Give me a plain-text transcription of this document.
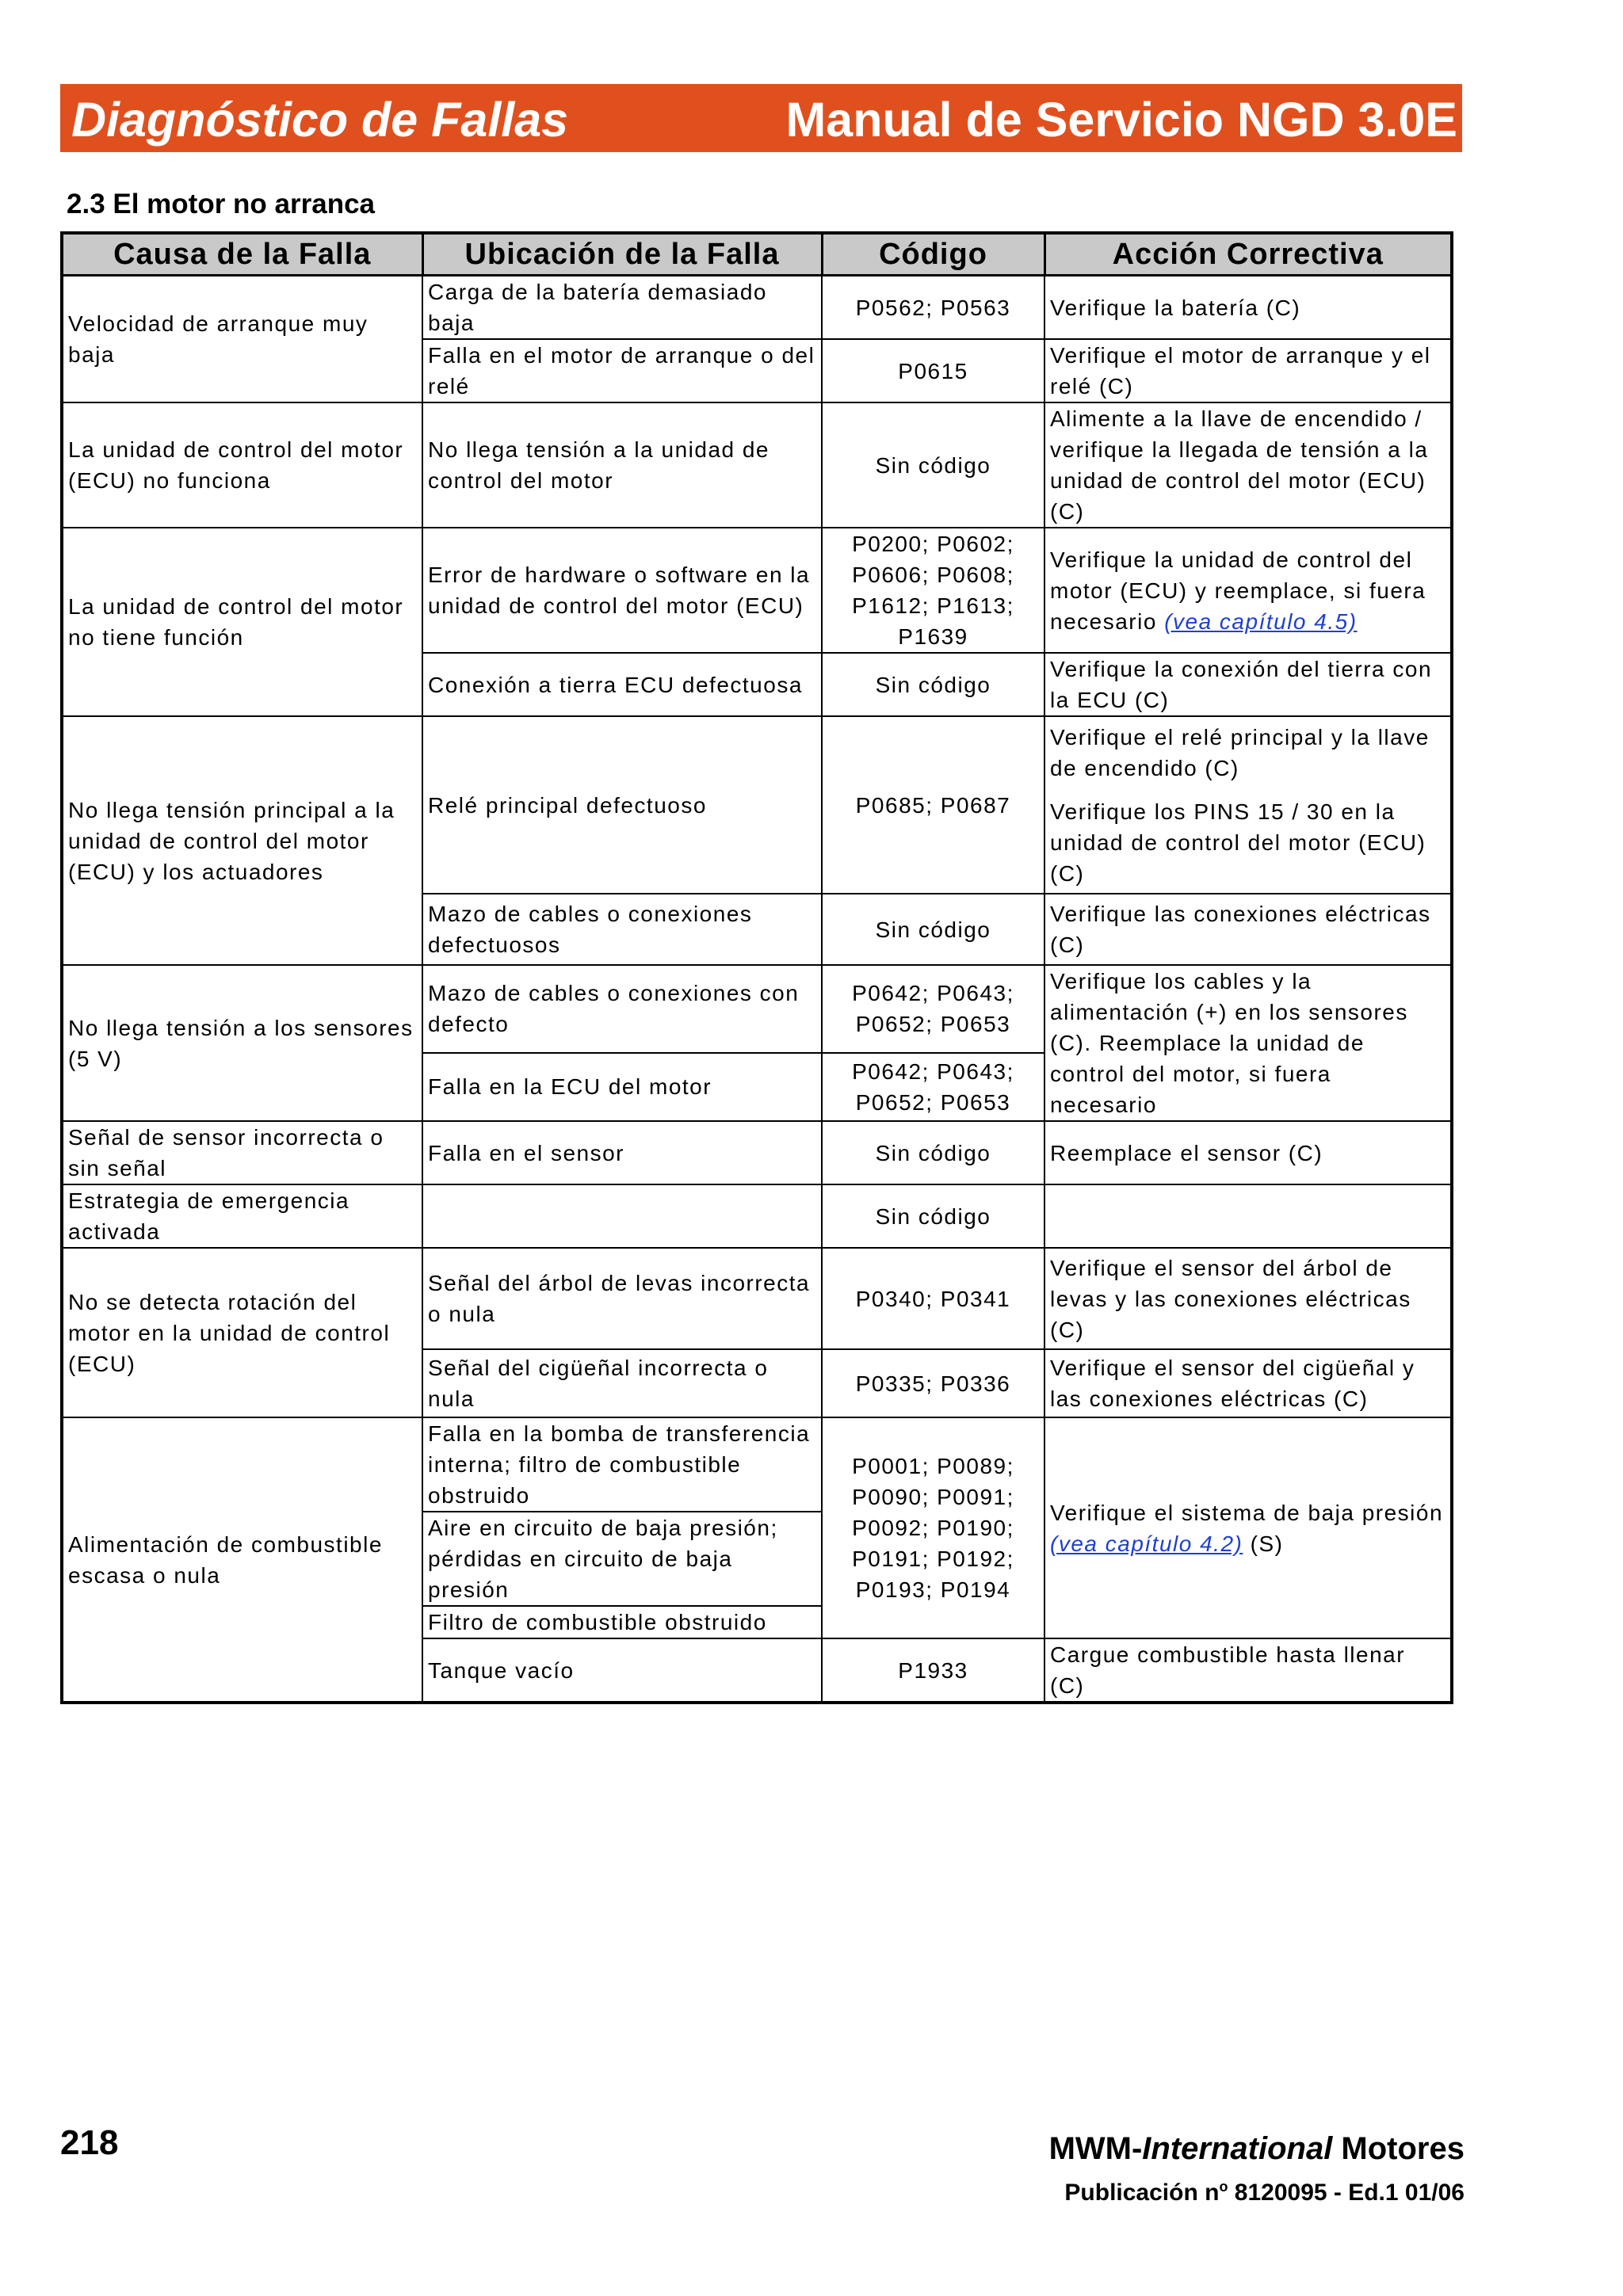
Diagnóstico de Fallas	Manual de Servicio NGD 3.0E
2.3 El motor no arranca
Causa de la Falla	Ubicación de la Falla	Código	Acción Correctiva
Velocidad de arranque muy baja	Carga de la batería demasiado baja	P0562; P0563	Verifique la batería (C)
	Falla en el motor de arranque o del relé	P0615	Verifique el motor de arranque y el relé (C)
La unidad de control del motor (ECU) no funciona	No llega tensión a la unidad de control del motor	Sin código	Alimente a la llave de encendido / verifique la llegada de tensión a la unidad de control del motor (ECU) (C)
La unidad de control del motor no tiene función	Error de hardware o software en la unidad de control del motor (ECU)	P0200; P0602; P0606; P0608; P1612; P1613; P1639	Verifique la unidad de control del motor (ECU) y reemplace, si fuera necesario (vea capítulo 4.5)
	Conexión a tierra ECU defectuosa	Sin código	Verifique la conexión del tierra con la ECU (C)
No llega tensión principal a la unidad de control del motor (ECU) y los actuadores	Relé principal defectuoso	P0685; P0687	Verifique el relé principal y la llave de encendido (C)
Verifique los PINS 15 / 30 en la unidad de control del motor (ECU) (C)

	Mazo de cables o conexiones defectuosos	Sin código	Verifique las conexiones eléctricas (C)
No llega tensión a los sensores (5 V)	Mazo de cables o conexiones con defecto	P0642; P0643; P0652; P0653	Verifique los cables y la alimentación (+) en los sensores (C). Reemplace la unidad de control del motor, si fuera necesario
	Falla en la ECU del motor	P0642; P0643; P0652; P0653	
Señal de sensor incorrecta o sin señal	Falla en el sensor	Sin código	Reemplace el sensor (C)
Estrategia de emergencia activada		Sin código	
No se detecta rotación del motor en la unidad de control (ECU)	Señal del árbol de levas incorrecta o nula	P0340; P0341	Verifique el sensor del árbol de levas y las conexiones eléctricas (C)
	Señal del cigüeñal incorrecta o nula	P0335; P0336	Verifique el sensor del cigüeñal y las conexiones eléctricas (C)
Alimentación de combustible escasa o nula	Falla en la bomba de transferencia interna; filtro de combustible obstruido	P0001; P0089; P0090; P0091; P0092; P0190; P0191; P0192; P0193; P0194	Verifique el sistema de baja presión (vea capítulo 4.2) (S)
	Aire en circuito de baja presión; pérdidas en circuito de baja presión		
	Filtro de combustible obstruido		
	Tanque vacío	P1933	Cargue combustible hasta llenar (C)
218	MWM-International Motores
Publicación $n^o$ 8120095 - Ed.1 01/06
